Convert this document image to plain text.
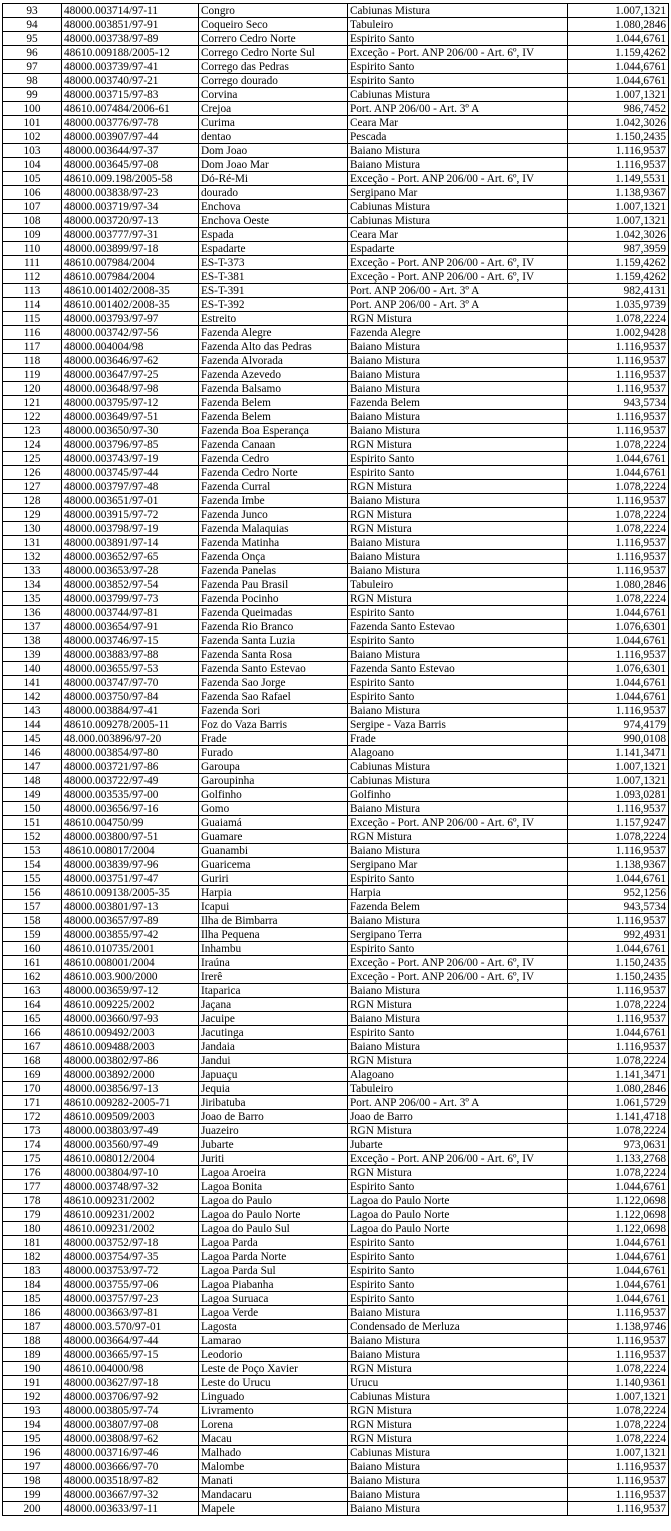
93	48000.003714/97-11	Congro	Cabiunas Mistura	1.007,1321
94	48000.003851/97-91	Coqueiro Seco	Tabuleiro	1.080,2846
95	48000.003738/97-89	Correго Cedro Norte	Espirito Santo	1.044,6761
96	48610.009188/2005-12	Corrego Cedro Norte Sul	Exceção - Port. ANP 206/00 - Art. 6º, IV	1.159,4262
97	48000.003739/97-41	Corrego das Pedras	Espirito Santo	1.044,6761
98	48000.003740/97-21	Corrego dourado	Espirito Santo	1.044,6761
99	48000.003715/97-83	Corvina	Cabiunas Mistura	1.007,1321
100	48610.007484/2006-61	Crejoa	Port. ANP 206/00 - Art. 3º A	986,7452
101	48000.003776/97-78	Curima	Ceara Mar	1.042,3026
102	48000.003907/97-44	dentao	Pescada	1.150,2435
103	48000.003644/97-37	Dom Joao	Baiano Mistura	1.116,9537
104	48000.003645/97-08	Dom Joao Mar	Baiano Mistura	1.116,9537
105	48610.009.198/2005-58	Dó-Ré-Mi	Exceção - Port. ANP 206/00 - Art. 6º, IV	1.149,5531
106	48000.003838/97-23	dourado	Sergipano Mar	1.138,9367
107	48000.003719/97-34	Enchova	Cabiunas Mistura	1.007,1321
108	48000.003720/97-13	Enchova Oeste	Cabiunas Mistura	1.007,1321
109	48000.003777/97-31	Espada	Ceara Mar	1.042,3026
110	48000.003899/97-18	Espadarte	Espadarte	987,3959
111	48610.007984/2004	ES-T-373	Exceção - Port. ANP 206/00 - Art. 6º, IV	1.159,4262
112	48610.007984/2004	ES-T-381	Exceção - Port. ANP 206/00 - Art. 6º, IV	1.159,4262
113	48610.001402/2008-35	ES-T-391	Port. ANP 206/00 - Art. 3º A	982,4131
114	48610.001402/2008-35	ES-T-392	Port. ANP 206/00 - Art. 3º A	1.035,9739
115	48000.003793/97-97	Estreito	RGN Mistura	1.078,2224
116	48000.003742/97-56	Fazenda Alegre	Fazenda Alegre	1.002,9428
117	48000.004004/98	Fazenda Alto das Pedras	Baiano Mistura	1.116,9537
118	48000.003646/97-62	Fazenda Alvorada	Baiano Mistura	1.116,9537
119	48000.003647/97-25	Fazenda Azevedo	Baiano Mistura	1.116,9537
120	48000.003648/97-98	Fazenda Balsamo	Baiano Mistura	1.116,9537
121	48000.003795/97-12	Fazenda Belem	Fazenda Belem	943,5734
122	48000.003649/97-51	Fazenda Belem	Baiano Mistura	1.116,9537
123	48000.003650/97-30	Fazenda Boa Esperança	Baiano Mistura	1.116,9537
124	48000.003796/97-85	Fazenda Canaan	RGN Mistura	1.078,2224
125	48000.003743/97-19	Fazenda Cedro	Espirito Santo	1.044,6761
126	48000.003745/97-44	Fazenda Cedro Norte	Espirito Santo	1.044,6761
127	48000.003797/97-48	Fazenda Curral	RGN Mistura	1.078,2224
128	48000.003651/97-01	Fazenda Imbe	Baiano Mistura	1.116,9537
129	48000.003915/97-72	Fazenda Junco	RGN Mistura	1.078,2224
130	48000.003798/97-19	Fazenda Malaquias	RGN Mistura	1.078,2224
131	48000.003891/97-14	Fazenda Matinha	Baiano Mistura	1.116,9537
132	48000.003652/97-65	Fazenda Onça	Baiano Mistura	1.116,9537
133	48000.003653/97-28	Fazenda Panelas	Baiano Mistura	1.116,9537
134	48000.003852/97-54	Fazenda Pau Brasil	Tabuleiro	1.080,2846
135	48000.003799/97-73	Fazenda Pocinho	RGN Mistura	1.078,2224
136	48000.003744/97-81	Fazenda Queimadas	Espirito Santo	1.044,6761
137	48000.003654/97-91	Fazenda Rio Branco	Fazenda Santo Estevao	1.076,6301
138	48000.003746/97-15	Fazenda Santa Luzia	Espirito Santo	1.044,6761
139	48000.003883/97-88	Fazenda Santa Rosa	Baiano Mistura	1.116,9537
140	48000.003655/97-53	Fazenda Santo Estevao	Fazenda Santo Estevao	1.076,6301
141	48000.003747/97-70	Fazenda Sao Jorge	Espirito Santo	1.044,6761
142	48000.003750/97-84	Fazenda Sao Rafael	Espirito Santo	1.044,6761
143	48000.003884/97-41	Fazenda Sori	Baiano Mistura	1.116,9537
144	48610.009278/2005-11	Foz do Vaza Barris	Sergipe - Vaza Barris	974,4179
145	48.000.003896/97-20	Frade	Frade	990,0108
146	48000.003854/97-80	Furado	Alagoano	1.141,3471
147	48000.003721/97-86	Garoupa	Cabiunas Mistura	1.007,1321
148	48000.003722/97-49	Garoupinha	Cabiunas Mistura	1.007,1321
149	48000.003535/97-00	Golfinho	Golfinho	1.093,0281
150	48000.003656/97-16	Gomo	Baiano Mistura	1.116,9537
151	48610.004750/99	Guaiamá	Exceção - Port. ANP 206/00 - Art. 6º, IV	1.157,9247
152	48000.003800/97-51	Guamare	RGN Mistura	1.078,2224
153	48610.008017/2004	Guanambi	Baiano Mistura	1.116,9537
154	48000.003839/97-96	Guaricema	Sergipano Mar	1.138,9367
155	48000.003751/97-47	Guriri	Espirito Santo	1.044,6761
156	48610.009138/2005-35	Harpia	Harpia	952,1256
157	48000.003801/97-13	Icapui	Fazenda Belem	943,5734
158	48000.003657/97-89	Ilha de Bimbarra	Baiano Mistura	1.116,9537
159	48000.003855/97-42	Ilha Pequena	Sergipano Terra	992,4931
160	48610.010735/2001	Inhambu	Espirito Santo	1.044,6761
161	48610.008001/2004	Iraúna	Exceção - Port. ANP 206/00 - Art. 6º, IV	1.150,2435
162	48610.003.900/2000	Irerê	Exceção - Port. ANP 206/00 - Art. 6º, IV	1.150,2435
163	48000.003659/97-12	Itaparica	Baiano Mistura	1.116,9537
164	48610.009225/2002	Jaçana	RGN Mistura	1.078,2224
165	48000.003660/97-93	Jacuipe	Baiano Mistura	1.116,9537
166	48610.009492/2003	Jacutinga	Espirito Santo	1.044,6761
167	48610.009488/2003	Jandaia	Baiano Mistura	1.116,9537
168	48000.003802/97-86	Jandui	RGN Mistura	1.078,2224
169	48000.003892/2000	Japuaçu	Alagoano	1.141,3471
170	48000.003856/97-13	Jequia	Tabuleiro	1.080,2846
171	48610.009282-2005-71	Jiribatuba	Port. ANP 206/00 - Art. 3º A	1.061,5729
172	48610.009509/2003	Joao de Barro	Joao de Barro	1.141,4718
173	48000.003803/97-49	Juazeiro	RGN Mistura	1.078,2224
174	48000.003560/97-49	Jubarte	Jubarte	973,0631
175	48610.008012/2004	Juriti	Exceção - Port. ANP 206/00 - Art. 6º, IV	1.133,2768
176	48000.003804/97-10	Lagoa Aroeira	RGN Mistura	1.078,2224
177	48000.003748/97-32	Lagoa Bonita	Espirito Santo	1.044,6761
178	48610.009231/2002	Lagoa do Paulo	Lagoa do Paulo Norte	1.122,0698
179	48610.009231/2002	Lagoa do Paulo Norte	Lagoa do Paulo Norte	1.122,0698
180	48610.009231/2002	Lagoa do Paulo Sul	Lagoa do Paulo Norte	1.122,0698
181	48000.003752/97-18	Lagoa Parda	Espirito Santo	1.044,6761
182	48000.003754/97-35	Lagoa Parda Norte	Espirito Santo	1.044,6761
183	48000.003753/97-72	Lagoa Parda Sul	Espirito Santo	1.044,6761
184	48000.003755/97-06	Lagoa Piabanha	Espirito Santo	1.044,6761
185	48000.003757/97-23	Lagoa Suruaca	Espirito Santo	1.044,6761
186	48000.003663/97-81	Lagoa Verde	Baiano Mistura	1.116,9537
187	48000.003.570/97-01	Lagosta	Condensado de Merluza	1.138,9746
188	48000.003664/97-44	Lamarao	Baiano Mistura	1.116,9537
189	48000.003665/97-15	Leodorio	Baiano Mistura	1.116,9537
190	48610.004000/98	Leste de Poço Xavier	RGN Mistura	1.078,2224
191	48000.003627/97-18	Leste do Urucu	Urucu	1.140,9361
192	48000.003706/97-92	Linguado	Cabiunas Mistura	1.007,1321
193	48000.003805/97-74	Livramento	RGN Mistura	1.078,2224
194	48000.003807/97-08	Lorena	RGN Mistura	1.078,2224
195	48000.003808/97-62	Macau	RGN Mistura	1.078,2224
196	48000.003716/97-46	Malhado	Cabiunas Mistura	1.007,1321
197	48000.003666/97-70	Malombe	Baiano Mistura	1.116,9537
198	48000.003518/97-82	Manati	Baiano Mistura	1.116,9537
199	48000.003667/97-32	Mandacaru	Baiano Mistura	1.116,9537
200	48000.003633/97-11	Mapele	Baiano Mistura	1.116,9537
